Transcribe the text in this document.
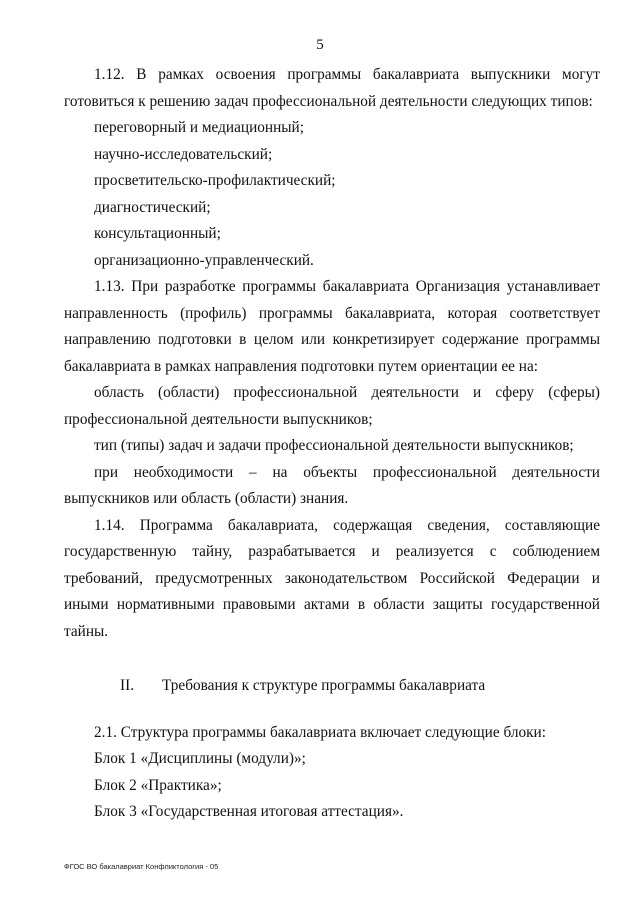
5

1.12. В рамках освоения программы бакалавриата выпускники могут готовиться к решению задач профессиональной деятельности следующих типов:

переговорный и медиационный;

научно-исследовательский;

просветительско-профилактический;

диагностический;

консультационный;

организационно-управленческий.

1.13. При разработке программы бакалавриата Организация устанавливает направленность (профиль) программы бакалавриата, которая соответствует направлению подготовки в целом или конкретизирует содержание программы бакалавриата в рамках направления подготовки путем ориентации ее на:

область (области) профессиональной деятельности и сферу (сферы) профессиональной деятельности выпускников;

тип (типы) задач и задачи профессиональной деятельности выпускников;

при необходимости – на объекты профессиональной деятельности выпускников или область (области) знания.

1.14. Программа бакалавриата, содержащая сведения, составляющие государственную тайну, разрабатывается и реализуется с соблюдением требований, предусмотренных законодательством Российской Федерации и иными нормативными правовыми актами в области защиты государственной тайны.

II. Требования к структуре программы бакалавриата

2.1. Структура программы бакалавриата включает следующие блоки:

Блок 1 «Дисциплины (модули)»;

Блок 2 «Практика»;

Блок 3 «Государственная итоговая аттестация».

ФГОС ВО бакалавриат Конфликтология - 05
